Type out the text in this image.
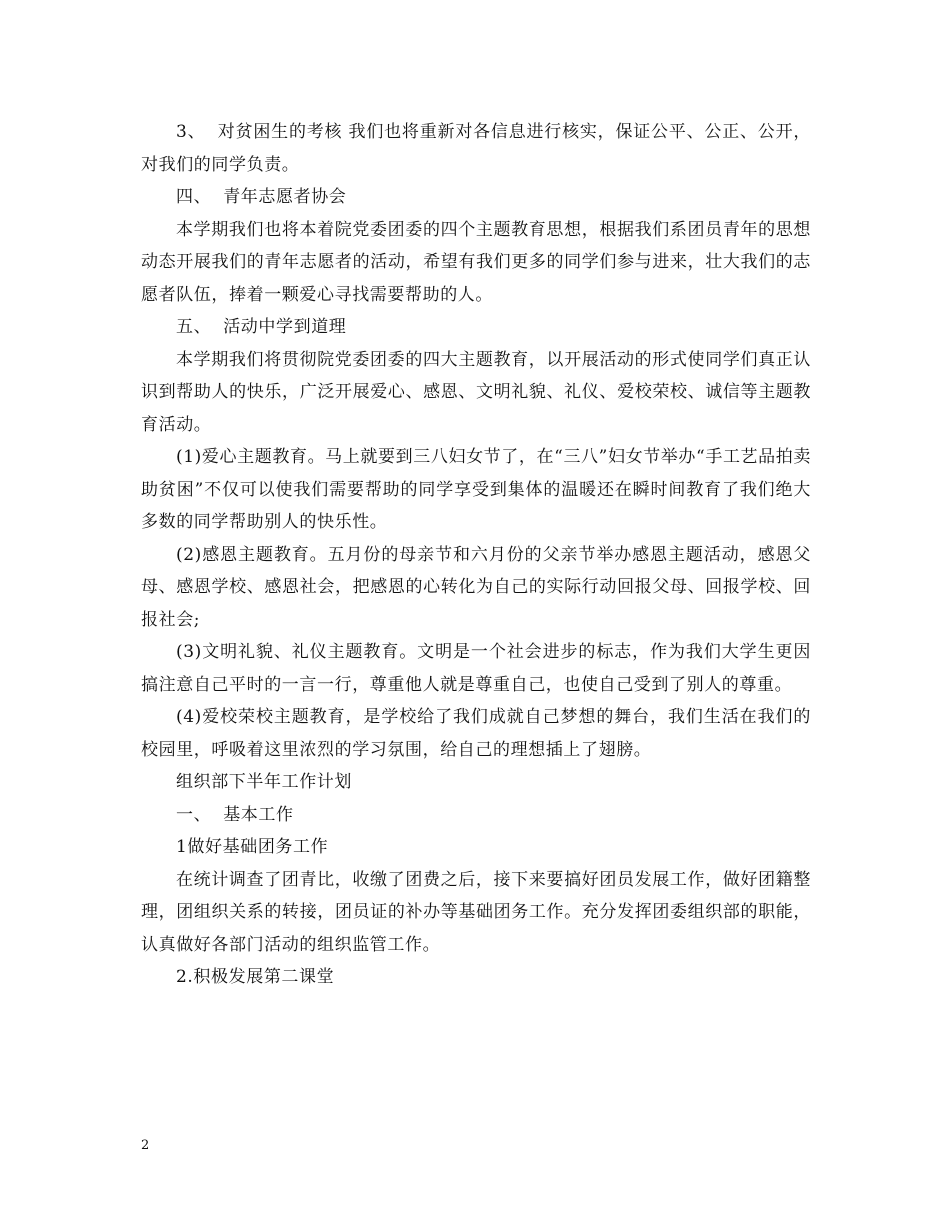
3、  对贫困生的考核 我们也将重新对各信息进行核实，保证公平、公正、公开，对我们的同学负责。

四、  青年志愿者协会

本学期我们也将本着院党委团委的四个主题教育思想，根据我们系团员青年的思想动态开展我们的青年志愿者的活动，希望有我们更多的同学们参与进来，壮大我们的志愿者队伍，捧着一颗爱心寻找需要帮助的人。

五、  活动中学到道理

本学期我们将贯彻院党委团委的四大主题教育，以开展活动的形式使同学们真正认识到帮助人的快乐，广泛开展爱心、感恩、文明礼貌、礼仪、爱校荣校、诚信等主题教育活动。

(1)爱心主题教育。马上就要到三八妇女节了，在“三八”妇女节举办“手工艺品拍卖助贫困”不仅可以使我们需要帮助的同学享受到集体的温暖还在瞬时间教育了我们绝大多数的同学帮助别人的快乐性。

(2)感恩主题教育。五月份的母亲节和六月份的父亲节举办感恩主题活动，感恩父母、感恩学校、感恩社会，把感恩的心转化为自己的实际行动回报父母、回报学校、回报社会;

(3)文明礼貌、礼仪主题教育。文明是一个社会进步的标志，作为我们大学生更因搞注意自己平时的一言一行，尊重他人就是尊重自己，也使自己受到了别人的尊重。

(4)爱校荣校主题教育，是学校给了我们成就自己梦想的舞台，我们生活在我们的校园里，呼吸着这里浓烈的学习氛围，给自己的理想插上了翅膀。

组织部下半年工作计划

一、  基本工作

1做好基础团务工作

在统计调查了团青比，收缴了团费之后，接下来要搞好团员发展工作，做好团籍整理，团组织关系的转接，团员证的补办等基础团务工作。充分发挥团委组织部的职能，认真做好各部门活动的组织监管工作。

2.积极发展第二课堂

2
